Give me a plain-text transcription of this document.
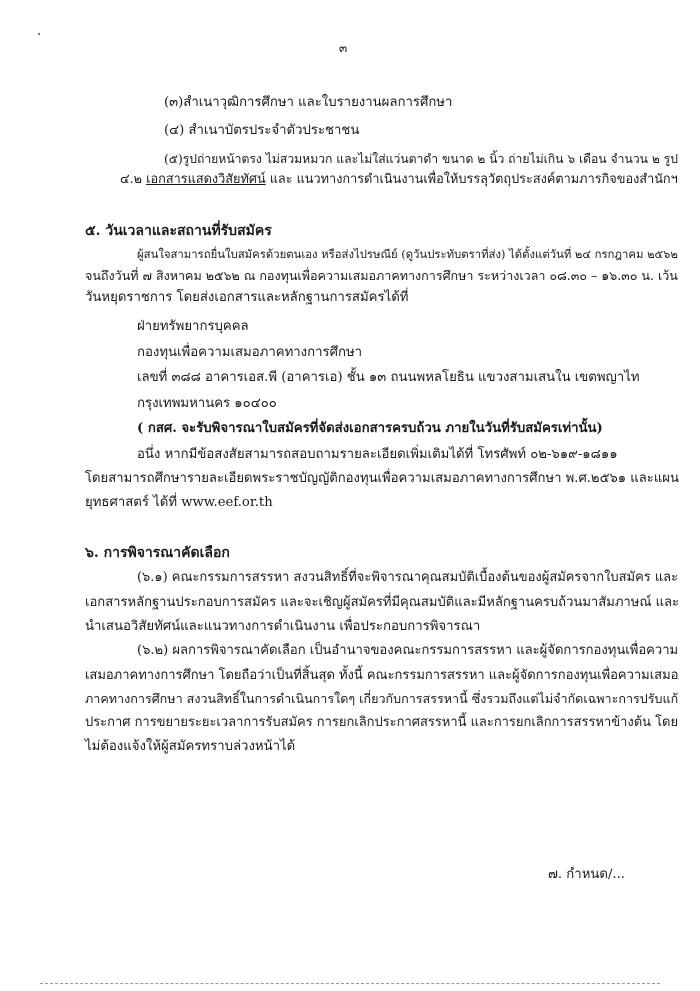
๓
(๓)สำเนาวุฒิการศึกษา และใบรายงานผลการศึกษา
(๔) สำเนาบัตรประจำตัวประชาชน
(๕)รูปถ่ายหน้าตรง ไม่สวมหมวก และไม่ใส่แว่นตาดำ ขนาด ๒ นิ้ว ถ่ายไม่เกิน ๖ เดือน จำนวน ๒ รูป
๔.๒ เอกสารแสดงวิสัยทัศน์ และ แนวทางการดำเนินงานเพื่อให้บรรลุวัตถุประสงค์ตามภารกิจของสำนักฯ
๕. วันเวลาและสถานที่รับสมัคร
ผู้สนใจสามารถยื่นใบสมัครด้วยตนเอง หรือส่งไปรษณีย์ (ดูวันประทับตราที่ส่ง) ได้ตั้งแต่วันที่ ๒๔ กรกฎาคม ๒๕๖๒
จนถึงวันที่ ๗ สิงหาคม ๒๕๖๒ ณ กองทุนเพื่อความเสมอภาคทางการศึกษา ระหว่างเวลา ๐๘.๓๐ – ๑๖.๓๐ น. เว้น
วันหยุดราชการ โดยส่งเอกสารและหลักฐานการสมัครได้ที่
ฝ่ายทรัพยากรบุคคล
กองทุนเพื่อความเสมอภาคทางการศึกษา
เลขที่ ๓๘๘ อาคารเอส.พี (อาคารเอ) ชั้น ๑๓ ถนนพหลโยธิน แขวงสามเสนใน เขตพญาไท
กรุงเทพมหานคร ๑๐๔๐๐
( กสศ. จะรับพิจารณาใบสมัครที่จัดส่งเอกสารครบถ้วน ภายในวันที่รับสมัครเท่านั้น)
อนึ่ง หากมีข้อสงสัยสามารถสอบถามรายละเอียดเพิ่มเติมได้ที่ โทรศัพท์ ๐๒-๖๑๙-๑๘๑๑
โดยสามารถศึกษารายละเอียดพระราชบัญญัติกองทุนเพื่อความเสมอภาคทางการศึกษา พ.ศ.๒๕๖๑ และแผน
ยุทธศาสตร์ ได้ที่ www.eef.or.th
๖. การพิจารณาคัดเลือก
(๖.๑) คณะกรรมการสรรหา สงวนสิทธิ์ที่จะพิจารณาคุณสมบัติเบื้องต้นของผู้สมัครจากใบสมัคร และ
เอกสารหลักฐานประกอบการสมัคร และจะเชิญผู้สมัครที่มีคุณสมบัติและมีหลักฐานครบถ้วนมาสัมภาษณ์ และ
นำเสนอวิสัยทัศน์และแนวทางการดำเนินงาน เพื่อประกอบการพิจารณา
(๖.๒) ผลการพิจารณาคัดเลือก เป็นอำนาจของคณะกรรมการสรรหา และผู้จัดการกองทุนเพื่อความ
เสมอภาคทางการศึกษา โดยถือว่าเป็นที่สิ้นสุด ทั้งนี้ คณะกรรมการสรรหา และผู้จัดการกองทุนเพื่อความเสมอ
ภาคทางการศึกษา สงวนสิทธิ์ในการดำเนินการใดๆ เกี่ยวกับการสรรหานี้ ซึ่งรวมถึงแต่ไม่จำกัดเฉพาะการปรับแก้
ประกาศ การขยายระยะเวลาการรับสมัคร การยกเลิกประกาศสรรหานี้ และการยกเลิกการสรรหาข้างต้น โดย
ไม่ต้องแจ้งให้ผู้สมัครทราบล่วงหน้าได้
๗. กำหนด/...
